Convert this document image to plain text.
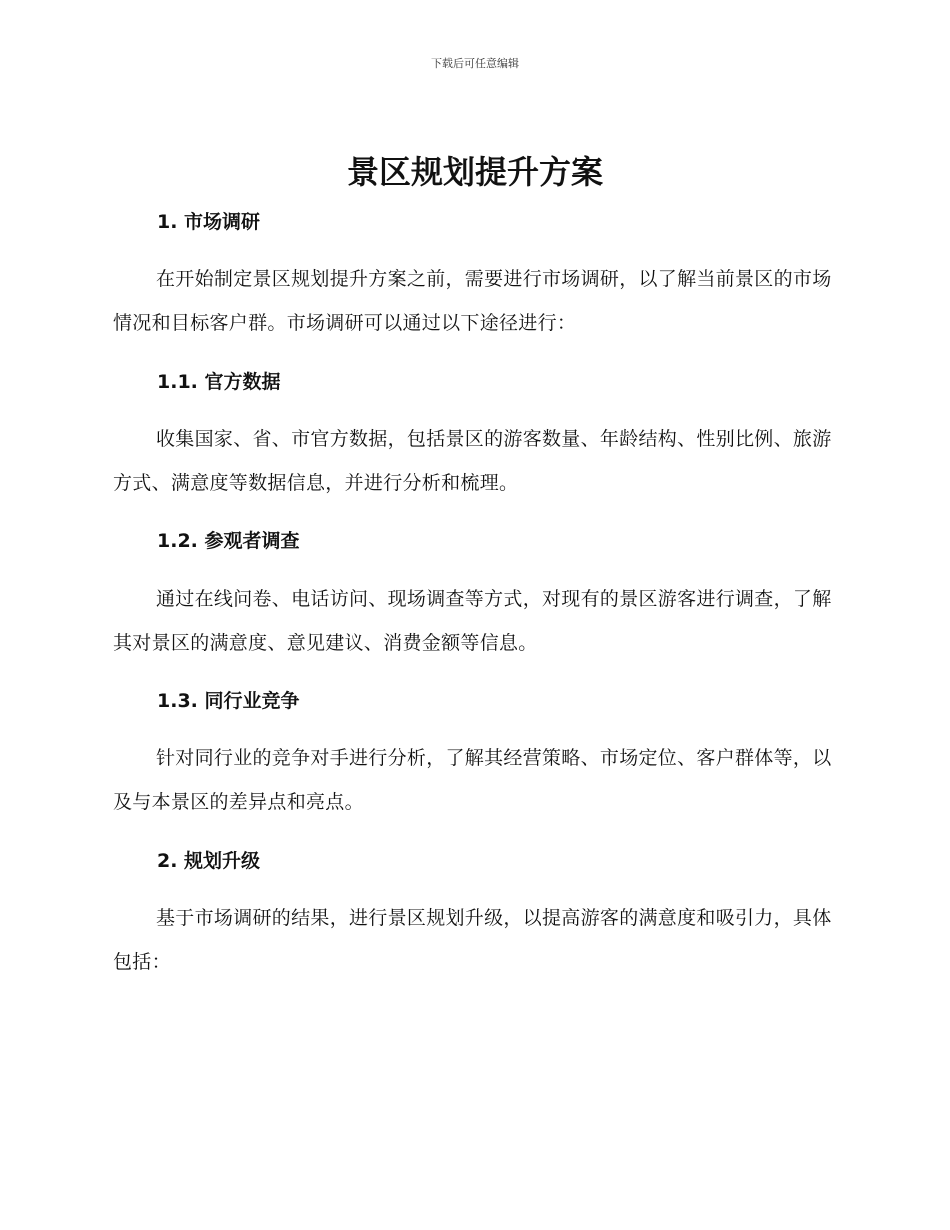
下载后可任意编辑
景区规划提升方案
1. 市场调研

在开始制定景区规划提升方案之前，需要进行市场调研，以了解当前景区的市场情况和目标客户群。市场调研可以通过以下途径进行：

1.1. 官方数据

收集国家、省、市官方数据，包括景区的游客数量、年龄结构、性别比例、旅游方式、满意度等数据信息，并进行分析和梳理。

1.2. 参观者调查

通过在线问卷、电话访问、现场调查等方式，对现有的景区游客进行调查，了解其对景区的满意度、意见建议、消费金额等信息。

1.3. 同行业竞争

针对同行业的竞争对手进行分析，了解其经营策略、市场定位、客户群体等，以及与本景区的差异点和亮点。

2. 规划升级

基于市场调研的结果，进行景区规划升级，以提高游客的满意度和吸引力，具体包括：
